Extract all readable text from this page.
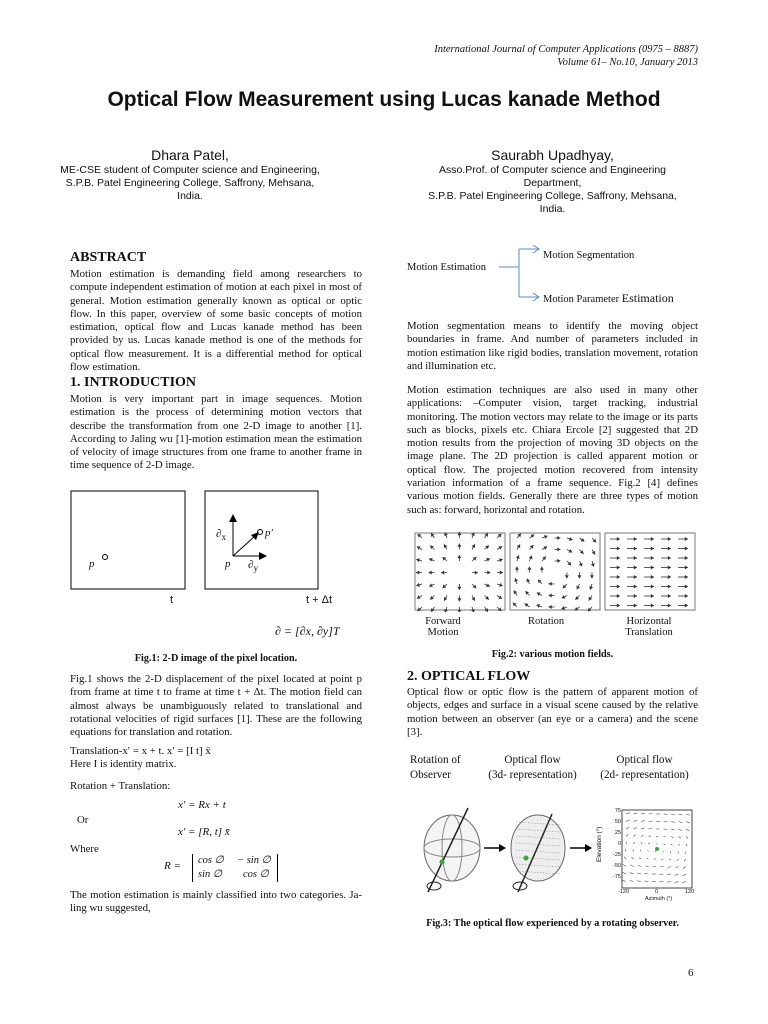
International Journal of Computer Applications (0975 – 8887)
Volume 61– No.10, January 2013
Optical Flow Measurement using Lucas kanade Method
Dhara Patel,
ME-CSE student of Computer science and Engineering,
S.P.B. Patel Engineering College, Saffrony, Mehsana,
India.
Saurabh Upadhyay,
Asso.Prof. of Computer science and Engineering
Department,
S.P.B. Patel Engineering College, Saffrony, Mehsana,
India.
ABSTRACT
Motion estimation is demanding field among researchers to compute independent estimation of motion at each pixel in most of general. Motion estimation generally known as optical or optic flow. In this paper, overview of some basic concepts of motion estimation, optical flow and Lucas kanade method has been provided by us. Lucas kanade method is one of the methods for optical flow measurement. It is a differential method for optical flow estimation.
1. INTRODUCTION
Motion is very important part in image sequences. Motion estimation is the process of determining motion vectors that describe the transformation from one 2-D image to another [1]. According to Jaling wu [1]-motion estimation mean the estimation of velocity of image structures from one frame to another frame in time sequence of 2-D image.
p	p
p′
$\partial_x$
$\partial_y$
t	t + Δt
∂ = [∂x, ∂y]T
Fig.1: 2-D image of the pixel location.
Fig.1 shows the 2-D displacement of the pixel located at point p from frame at time t to frame at time t + Δt. The motion field can almost always be unambiguously related to translational and rotational velocities of rigid surfaces [1]. These are the following equations for translation and rotation.
Translation-x′ = x + t. x′ = [I t] x̄
Here I is identity matrix.
Rotation + Translation:
x′ = Rx + t
Or
x′ = [R, t] x̄
Where
R = cos ∅ − sin ∅
sin ∅ cos ∅
The motion estimation is mainly classified into two categories. Ja-ling wu suggested,
Motion Estimation
Motion Segmentation
Motion Parameter Estimation
Motion segmentation means to identify the moving object boundaries in frame. And number of parameters included in motion estimation like rigid bodies, translation movement, rotation and illumination etc.
Motion estimation techniques are also used in many other applications: –Computer vision, target tracking, industrial monitoring. The motion vectors may relate to the image or its parts such as blocks, pixels etc. Chiara Ercole [2] suggested that 2D motion results from the projection of moving 3D objects on the image plane. The 2D projection is called apparent motion or optical flow. The projected motion recovered from intensity variation information of a frame sequence. Fig.2 [4] defines various motion fields. Generally there are three types of motion such as: forward, horizontal and rotation.
Forward
Motion
Rotation	Horizontal
Translation
Fig.2: various motion fields.
2. OPTICAL FLOW
Optical flow or optic flow is the pattern of apparent motion of objects, edges and surface in a visual scene caused by the relative motion between an observer (an eye or a camera) and the scene [3].
Rotation of
Observer
Optical flow
(3d- representation)
Optical flow
(2d- representation)
Elevation (°)
75
50
25
0
-25
-50
-75
-120	0	120
Azimuth (°)
Fig.3: The optical flow experienced by a rotating observer.
6
